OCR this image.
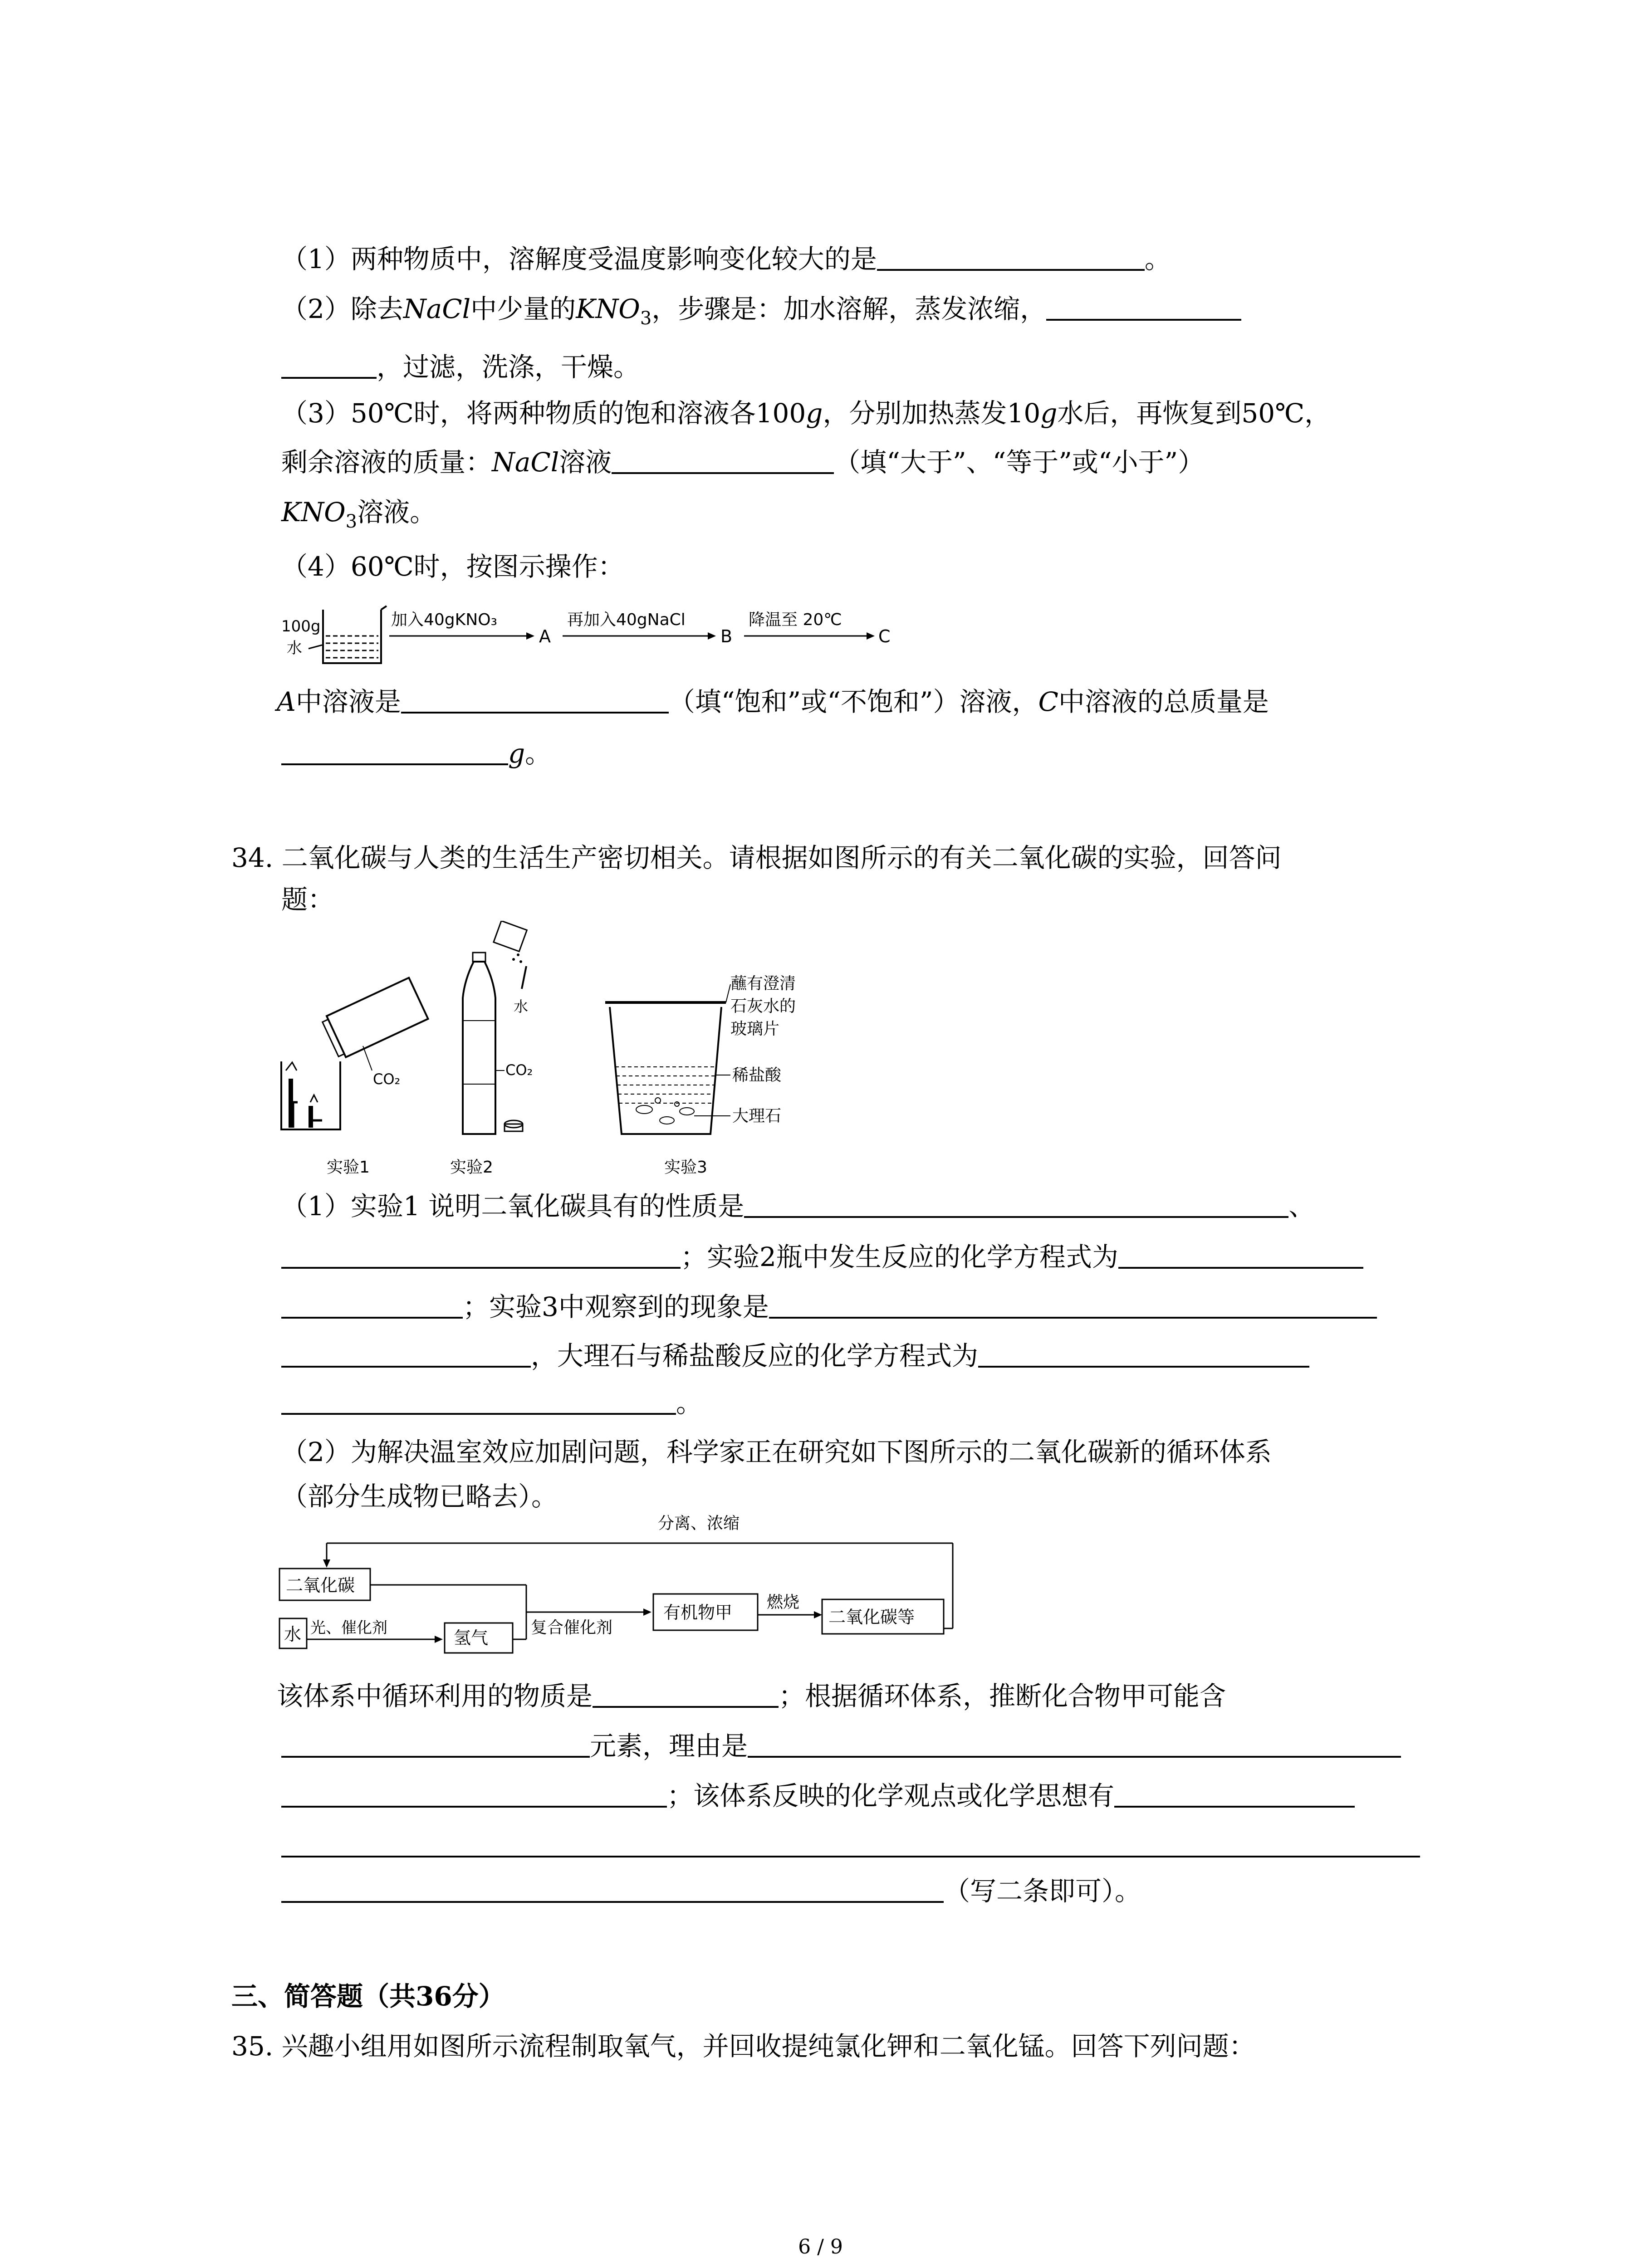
（1）两种物质中，溶解度受温度影响变化较大的是	。
（2）除去NaCl中少量的$KNO_3$，步骤是：加水溶解，蒸发浓缩，
，过滤，洗涤，干燥。
（3）50℃时，将两种物质的饱和溶液各100g，分别加热蒸发10g水后，再恢复到50℃，
剩余溶液的质量：NaCl溶液	（填“大于”、“等于”或“小于”）
$KNO_3$溶液。
（4）60℃时，按图示操作：
100g
水
加入40gKNO₃
A
再加入40gNaCl
B
降温至 20℃
C
A中溶液是	（填“饱和”或“不饱和”）溶液，C中溶液的总质量是
g。
34. 二氧化碳与人类的生活生产密切相关。请根据如图所示的有关二氧化碳的实验，回答问
题：
CO₂
实验1
水
CO₂
实验2
蘸有澄清
石灰水的
玻璃片
稀盐酸
大理石
实验3
（1）实验1 说明二氧化碳具有的性质是	、
；实验2瓶中发生反应的化学方程式为
；实验3中观察到的现象是
，大理石与稀盐酸反应的化学方程式为
。
（2）为解决温室效应加剧问题，科学家正在研究如下图所示的二氧化碳新的循环体系
（部分生成物已略去）。
分离、浓缩
二氧化碳
水 光、催化剂	氢气
复合催化剂
有机物甲
燃烧
二氧化碳等
该体系中循环利用的物质是	；根据循环体系，推断化合物甲可能含
元素，理由是
；该体系反映的化学观点或化学思想有
（写二条即可）。
三、简答题（共36分）
35. 兴趣小组用如图所示流程制取氧气，并回收提纯氯化钾和二氧化锰。回答下列问题：
6 / 9
